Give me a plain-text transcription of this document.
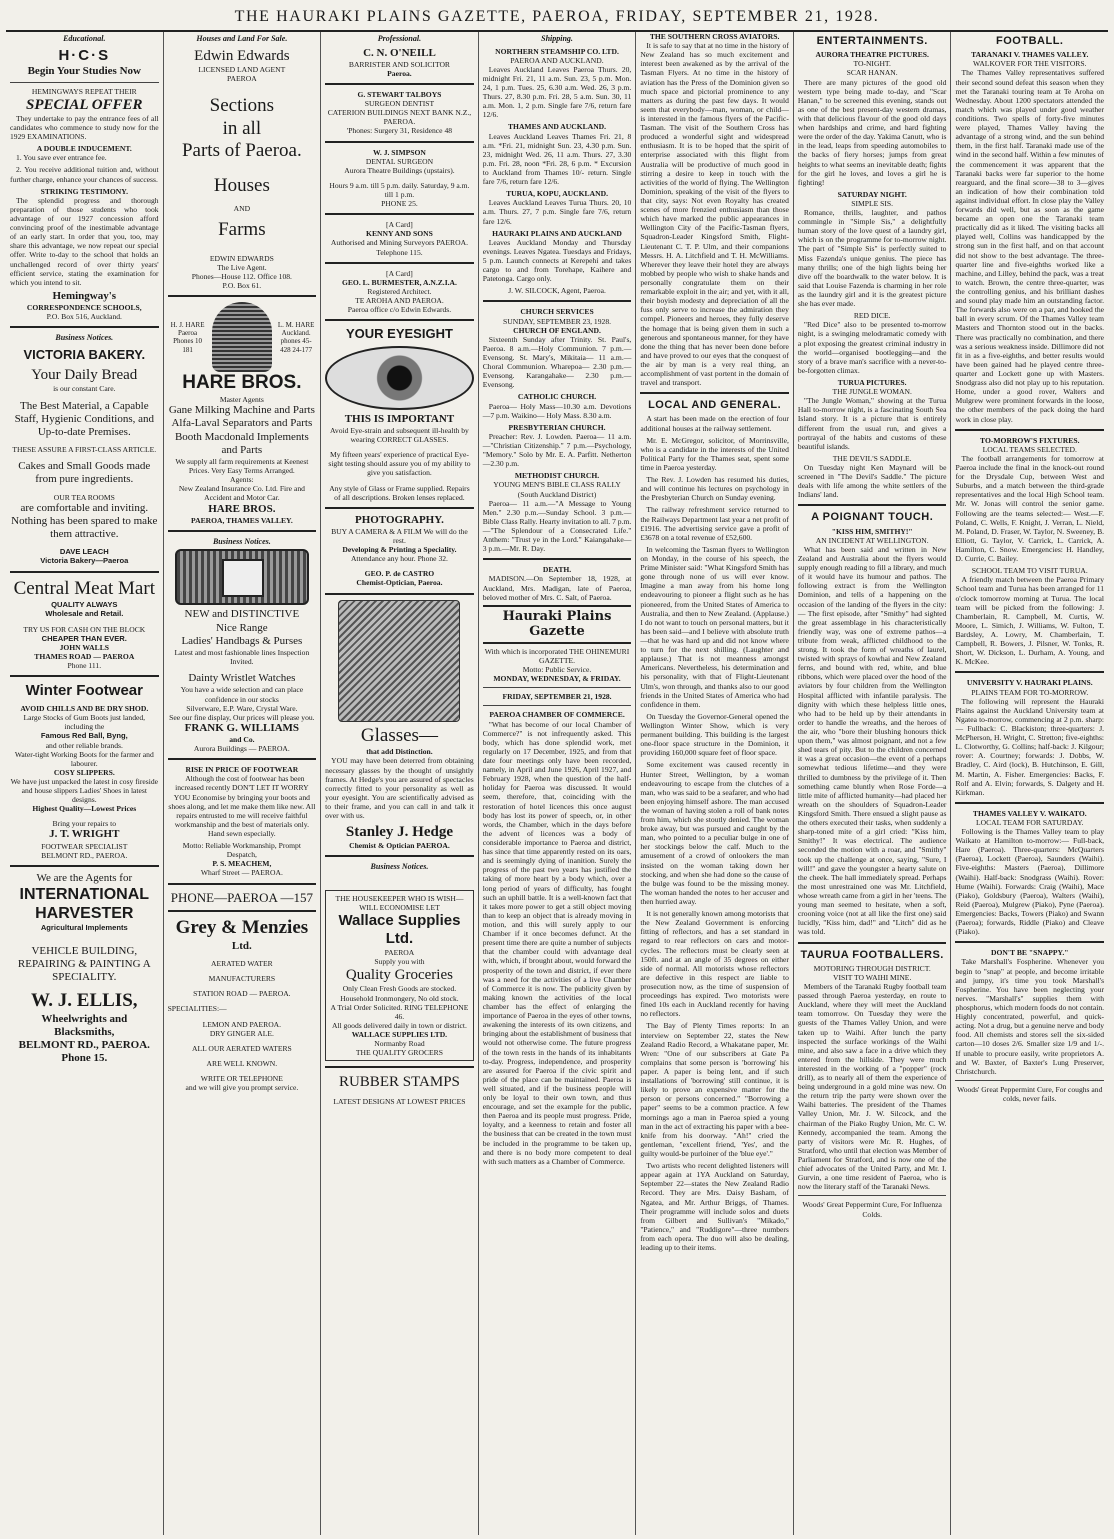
THE HAURAKI PLAINS GAZETTE, PAEROA, FRIDAY, SEPTEMBER 21, 1928.
Educational.
H·C·S
Begin Your Studies Now
HEMINGWAYS REPEAT THEIR
SPECIAL OFFER

They undertake to pay the entrance fees of all candidates who commence to study now for the 1929 EXAMINATIONS.

A DOUBLE INDUCEMENT.

1. You save ever entrance fee.

2. You receive additional tuition and, without further charge, enhance your chances of success.

STRIKING TESTIMONY.

The splendid progress and thorough preparation of those students who took advantage of our 1927 concession afford convincing proof of the inestimable advantage of an early start. In order that you, too, may share this advantage, we now repeat our special offer. Write to-day to the school that holds an unchallenged record of over thirty years' efficient service, stating the examination for which you intend to sit.

Hemingway's
CORRESPONDENCE SCHOOLS,
P.O. Box 516, Auckland.
Business Notices.
VICTORIA BAKERY.
Your Daily Bread
is our constant Care.
The Best Material, a Capable Staff, Hygienic Conditions, and Up-to-date Premises.
THESE ASSURE A FIRST-CLASS ARTICLE.
Cakes and Small Goods made from pure ingredients.
OUR TEA ROOMS
are comfortable and inviting. Nothing has been spared to make them attractive.
DAVE LEACH
Victoria Bakery—Paeroa
Central Meat Mart
QUALITY ALWAYS
Wholesale and Retail.
TRY US FOR CASH ON THE BLOCK
CHEAPER THAN EVER.
JOHN WALLS
THAMES ROAD — PAEROA
Phone 111.
Winter Footwear
AVOID CHILLS AND BE DRY SHOD.
Large Stocks of Gum Boots just landed, including the
Famous Red Ball, Byng,
and other reliable brands.
Water-tight Working Boots for the farmer and labourer.
COSY SLIPPERS.
We have just unpacked the latest in cosy fireside and house slippers Ladies' Shoes in latest designs.
Highest Quality—Lowest Prices
Bring your repairs to
J. T. WRIGHT
FOOTWEAR SPECIALIST
BELMONT RD., PAEROA.
We are the Agents for
INTERNATIONAL
HARVESTER
Agricultural Implements
VEHICLE BUILDING, REPAIRING & PAINTING A SPECIALITY.
W. J. ELLIS,
Wheelwrights and Blacksmiths,
BELMONT RD., PAEROA.
Phone 15.
Houses and Land For Sale.
Edwin Edwards
LICENSED LAND AGENT
PAEROA
Sections
in all
Parts of Paeroa.
Houses
AND
Farms
EDWIN EDWARDS
The Live Agent.
Phones—House 112. Office 108.
P.O. Box 61.
H. J. HARE Paeroa Phones 10 181
L. M. HARE Auckland. phones 45-428 24-177
HARE BROS.
Master Agents
Gane Milking Machine and Parts
Alfa-Laval Separators and Parts
Booth Macdonald Implements and Parts
We supply all farm requirements at Keenest Prices. Very Easy Terms Arranged.
Agents:
New Zealand Insurance Co. Ltd. Fire and Accident and Motor Car.
HARE BROS.
PAEROA, THAMES VALLEY.
Business Notices.
NEW and DISTINCTIVE
Nice Range
Ladies' Handbags & Purses
Latest and most fashionable lines Inspection Invited.
Dainty Wristlet Watches
You have a wide selection and can place confidence in our stocks
Silverware, E.P. Ware, Crystal Ware.
See our fine display, Our prices will please you.
FRANK G. WILLIAMS
and Co.
Aurora Buildings — PAEROA.
RISE IN PRICE OF FOOTWEAR

Although the cost of footwear has been increased recently DON'T LET IT WORRY YOU Economise by bringing your boots and shoes along, and let me make them like new. All repairs entrusted to me will receive faithful workmanship and the best of materials only. Hand sewn especially.

Motto: Reliable Workmanship, Prompt Despatch,
P. S. MEACHEM,
Wharf Street — PAEROA.
PHONE—PAEROA —157
Grey & Menzies
Ltd.
AERATED WATER
MANUFACTURERS
STATION ROAD — PAEROA.
SPECIALITIES:—
LEMON AND PAEROA.
DRY GINGER ALE.
ALL OUR AERATED WATERS
ARE WELL KNOWN.
WRITE OR TELEPHONE
and we will give you prompt service.
Professional.
C. N. O'NEILL
BARRISTER AND SOLICITOR
Paeroa.
G. STEWART TALBOYS
SURGEON DENTIST
CATERION BUILDINGS NEXT BANK N.Z.,
PAEROA.
'Phones: Surgery 31, Residence 48
W. J. SIMPSON
DENTAL SURGEON
Aurora Theatre Buildings (upstairs).
Hours 9 a.m. till 5 p.m. daily. Saturday, 9 a.m. till 1 p.m.
PHONE 25.
[A Card]
KENNY AND SONS
Authorised and Mining Surveyors PAEROA.
Telephone 115.
[A Card]
GEO. L. BURMESTER, A.N.Z.I.A.
Registered Architect.
TE AROHA AND PAEROA.
Paeroa office c/o Edwin Edwards.
YOUR EYESIGHT
THIS IS IMPORTANT
Avoid Eye-strain and subsequent ill-health by wearing CORRECT GLASSES.
My fifteen years' experience of practical Eye-sight testing should assure you of my ability to give you satisfaction.
Any style of Glass or Frame supplied. Repairs of all descriptions. Broken lenses replaced.
PHOTOGRAPHY.
BUY A CAMERA & A FILM We will do the rest.
Developing & Printing a Speciality.
Attendance any hour. Phone 32.
GEO. P. de CASTRO
Chemist-Optician, Paeroa.
Glasses—
that add Distinction.

YOU may have been deterred from obtaining necessary glasses by the thought of unsightly frames. At Hedge's you are assured of spectacles correctly fitted to your personality as well as your eyesight. You are scientifically advised as to their frame, and you can call in and talk it over with us.

Stanley J. Hedge
Chemist & Optician PAEROA.
Business Notices.
THE HOUSEKEEPER WHO IS WISH— WILL ECONOMISE LET
Wallace Supplies Ltd.
PAEROA
Supply you with
Quality Groceries
Only Clean Fresh Goods are stocked.
Household Ironmongery, No old stock.
A Trial Order Solicited. RING TELEPHONE 46.
All goods delivered daily in town or district.
WALLACE SUPPLIES LTD.
Normanby Road
THE QUALITY GROCERS
RUBBER STAMPS
LATEST DESIGNS AT LOWEST PRICES
Shipping.
NORTHERN STEAMSHIP CO. LTD.
PAEROA AND AUCKLAND.

Leaves Auckland Leaves Paeroa Thurs. 20, midnight Fri. 21, 11 a.m. Sun. 23, 5 p.m. Mon. 24, 1 p.m. Tues. 25, 6.30 a.m. Wed. 26, 3 p.m. Thurs. 27, 8.30 p.m. Fri. 28, 5 a.m. Sun. 30, 11 a.m. Mon. 1, 2 p.m. Single fare 7/6, return fare 12/6.

THAMES AND AUCKLAND.

Leaves Auckland Leaves Thames Fri. 21, 8 a.m. *Fri. 21, midnight Sun. 23, 4.30 p.m. Sun. 23, midnight Wed. 26, 11 a.m. Thurs. 27, 3.30 p.m. Fri. 28, noon *Fri. 28, 6 p.m. * Excursion to Auckland from Thames 10/- return. Single fare 7/6, return fare 12/6.

TURUA, KOPU, AUCKLAND.

Leaves Auckland Leaves Turua Thurs. 20, 10 a.m. Thurs. 27, 7 p.m. Single fare 7/6, return fare 12/6.

HAURAKI PLAINS AND AUCKLAND

Leaves Auckland Monday and Thursday evenings. Leaves Ngatea. Tuesdays and Fridays, 5 p.m. Launch connects at Kerepehi and takes cargo to and from Torehape, Kaihere and Patetonga. Cargo only.

J. W. SILCOCK, Agent, Paeroa.
CHURCH SERVICES
SUNDAY, SEPTEMBER 23, 1928.
CHURCH OF ENGLAND.

Sixteenth Sunday after Trinity. St. Paul's, Paeroa. 8 a.m.—Holy Communion. 7 p.m.—Evensong. St. Mary's, Mikitaia— 11 a.m.—Choral Communion. Wharepoa— 2.30 p.m.—Evensong. Karangahake— 2.30 p.m.—Evensong.

CATHOLIC CHURCH.

Paeroa— Holy Mass—10.30 a.m. Devotions—7 p.m. Waikino— Holy Mass. 8.30 a.m.

PRESBYTERIAN CHURCH.

Preacher: Rev. J. Lowden. Paeroa— 11 a.m.—"Christian Citizenship." 7 p.m.—Psychology, "Memory." Solo by Mr. E. A. Parfitt. Netherton—2.30 p.m.

METHODIST CHURCH.
YOUNG MEN'S BIBLE CLASS RALLY (South Auckland District)

Paeroa— 11 a.m.—"A Message to Young Men." 2.30 p.m.—Sunday School. 3 p.m.—Bible Class Rally. Hearty invitation to all. 7 p.m.—"The Splendour of a Consecrated Life." Anthem: "Trust ye in the Lord." Kaiangahake— 3 p.m.—Mr. R. Day.

DEATH.

MADISON.—On September 18, 1928, at Auckland, Mrs. Madigan, late of Paeroa, beloved mother of Mrs. C. Salt, of Paeroa.

Hauraki Plains Gazette
With which is incorporated THE OHINEMURI GAZETTE.
Motto: Public Service.
MONDAY, WEDNESDAY, & FRIDAY.
FRIDAY, SEPTEMBER 21, 1928.
PAEROA CHAMBER OF COMMERCE.

"What has become of our local Chamber of Commerce?" is not infrequently asked. This body, which has done splendid work, met regularly on 17 December, 1925, and from that date four meetings only have been recorded, namely, in April and June 1926, April 1927, and February 1928, when the question of the half-holiday for Paeroa was discussed. It would seem, therefore, that, coinciding with the restoration of hotel licences this once august body has lost its power of speech, or, in other words, the Chamber, which in the days before the advent of licences was a body of considerable importance to Paeroa and district, has since that time apparently rested on its oars, and is seemingly dying of inanition. Surely the progress of the past two years has justified the taking of more heart by a body which, over a long period of years of difficulty, has fought such an uphill battle. It is a well-known fact that it takes more power to get a still object moving than to keep an object that is already moving in motion, and this will surely apply to our Chamber if it once becomes defunct. At the present time there are quite a number of subjects that the chamber could with advantage deal with, which, if brought about, would forward the prosperity of the town and district, if ever there was a need for the activities of a live Chamber of Commerce it is now. The publicity given by making known the activities of the local chamber has the effect of enlarging the importance of Paeroa in the eyes of other towns, awakening the interests of its own citizens, and bringing about the establishment of business that would not otherwise come. The future progress of the town rests in the hands of its inhabitants to-day. Progress, independence, and prosperity are assured for Paeroa if the civic spirit and pride of the place can be maintained. Paeroa is well situated, and if the business people will only be loyal to their own town, and thus encourage, and set the example for the public, then Paeroa and its people must progress. Pride, loyalty, and a keenness to retain and foster all the business that can be created in the town must be included in the programme to be taken up, and there is no body more competent to deal with such matters as a Chamber of Commerce.

THE SOUTHERN CROSS AVIATORS.

It is safe to say that at no time in the history of New Zealand has so much excitement and interest been awakened as by the arrival of the Tasman Flyers. At no time in the history of aviation has the Press of the Dominion given so much space and pictorial prominence to any matters as during the past few days. It would seem that everybody—man, woman, or child—is interested in the famous flyers of the Pacific-Tasman. The visit of the Southern Cross has produced a wonderful sight and widespread enthusiasm. It is to be hoped that the spirit of enterprise associated with this flight from Australia will be productive of much good in stirring a desire to keep in touch with the activities of the world of flying. The Wellington Dominion, speaking of the visit of the flyers to that city, says: Not even Royalty has created scenes of more frenzied enthusiasm than those which have marked the public appearances in Wellington City of the Pacific-Tasman flyers, Squadron-Leader Kingsford Smith, Flight-Lieutenant C. T. P. Ulm, and their companions Messrs. H. A. Litchfield and T. H. McWilliams. Wherever they leave their hotel they are always mobbed by people who wish to shake hands and personally congratulate them on their remarkable exploit in the air; and yet, with it all, their boyish modesty and depreciation of all the fuss only serve to increase the admiration they compel. Pioneers and heroes, they fully deserve the homage that is being given them in such a generous and spontaneous manner, for they have done the thing that has never been done before and have proved to our eyes that the conquest of the air by man is a very real thing, an accomplishment of vast portent in the domain of travel and transport.

LOCAL AND GENERAL.

A start has been made on the erection of four additional houses at the railway settlement.

Mr. E. McGregor, solicitor, of Morrinsville, who is a candidate in the interests of the United Political Party for the Thames seat, spent some time in Paeroa yesterday.

The Rev. J. Lowden has resumed his duties, and will continue his lectures on psychology in the Presbyterian Church on Sunday evening.

The railway refreshment service returned to the Railways Department last year a net profit of £1916. The advertising service gave a profit of £3678 on a total revenue of £52,600.

In welcoming the Tasman flyers to Wellington on Monday, in the course of his speech, the Prime Minister said: "What Kingsford Smith has gone through none of us will ever know. Imagine a man away from his home long endeavouring to pioneer a flight such as he has pioneered, from the United States of America to Australia, and then to New Zealand. (Applause.) I do not want to touch on personal matters, but it has been said—and I believe with absolute truth—that he was hard up and did not know where to turn for the next shilling. (Laughter and applause.) That is not meanness amongst Americans. Nevertheless, his determination and his personality, with that of Flight-Lieutenant Ulm's, won through, and thanks also to our good friends in the United States of America who had confidence in them.

On Tuesday the Governor-General opened the Wellington Winter Show, which is very permanent building. This building is the largest one-floor space structure in the Dominion, it providing 160,000 square feet of floor space.

Some excitement was caused recently in Hunter Street, Wellington, by a woman endeavouring to escape from the clutches of a man, who was said to be a seafarer, and who had been enjoying himself ashore. The man accused the woman of having stolen a roll of bank notes from him, which she stoutly denied. The woman broke away, but was pursued and caught by the man, who pointed to a peculiar bulge in one of her stockings below the calf. Much to the amusement of a crowd of onlookers the man insisted on the woman taking down her stocking, and when she had done so the cause of the bulge was found to be the missing money. The woman handed the notes to her accuser and then hurried away.

It is not generally known among motorists that the New Zealand Government is enforcing fitting of reflectors, and has a set standard in regard to rear reflectors on cars and motor-cycles. The reflectors must be clearly seen at 150ft. and at an angle of 35 degrees on either side of normal. All motorists whose reflectors are defective in this respect are liable to prosecution now, as the time of suspension of proceedings has expired. Two motorists were fined 10s each in Auckland recently for having no reflectors.

The Bay of Plenty Times reports: In an interview on September 22, states the New Zealand Radio Record, a Whakatane paper, Mr. Wren: "One of our subscribers at Gate Pa complains that some person is 'borrowing' his paper. A paper is being lent, and if such installations of 'borrowing' still continue, it is likely to prove an expensive matter for the person or persons concerned." "Borrowing a paper" seems to be a common practice. A few mornings ago a man in Paeroa spied a young man in the act of extracting his paper with a bee-knife from his doorway. "Ah!" cried the gentleman, "excellent friend, 'Yes', and the guilty would-be purloiner of the 'blue eye'."

Two artists who recent delighted listeners will appear again at 1YA Auckland on Saturday, September 22—states the New Zealand Radio Record. They are Mrs. Daisy Basham, of Ngatea, and Mr. Arthur Briggs, of Thames. Their programme will include solos and duets from Gilbert and Sullivan's "Mikado," "Patience," and "Ruddigore"—three numbers from each opera. The duo will also be dealing, leading up to their items.

ENTERTAINMENTS.
AURORA THEATRE PICTURES.
TO-NIGHT.
SCAR HANAN.

There are many pictures of the good old western type being made to-day, and "Scar Hanan," to be screened this evening, stands out as one of the best present-day western dramas, with that delicious flavour of the good old days when hardships and crime, and hard fighting were the order of the day. Yakima Canutt, who is in the lead, leaps from speeding automobiles to the backs of fiery horses; jumps from great heights to what seems an inevitable death; fights for the girl he loves, and loves a girl he is fighting!

SATURDAY NIGHT.
SIMPLE SIS.

Romance, thrills, laughter, and pathos commingle in "Simple Sis," a delightfully human story of the love quest of a laundry girl, which is on the programme for to-morrow night. The part of "Simple Sis" is perfectly suited to Miss Fazenda's unique genius. The piece has many thrills; one of the high lights being her dive off the boardwalk to the water below. It is said that Louise Fazenda is charming in her role as the laundry girl and it is the greatest picture she has ever made.

RED DICE.

"Red Dice" also to be presented to-morrow night, is a swinging melodramatic comedy with a plot exposing the greatest criminal industry in the world—organised bootlegging—and the story of a brave man's sacrifice with a never-to-be-forgotten climax.

TURUA PICTURES.
THE JUNGLE WOMAN.

"The Jungle Woman," showing at the Turua Hall to-morrow night, is a fascinating South Sea Island story. It is a picture that is entirely different from the usual run, and gives a portrayal of the habits and customs of these beautiful islands.

THE DEVIL'S SADDLE.

On Tuesday night Ken Maynard will be screened in "The Devil's Saddle." The picture deals with life among the white settlers of the Indians' land.

A POIGNANT TOUCH.
"KISS HIM, SMITHY!"
AN INCIDENT AT WELLINGTON.

What has been said and written in New Zealand and Australia about the flyers would supply enough reading to fill a library, and much of it would have its humour and pathos. The following extract is from the Wellington Dominion, and tells of a happening on the occasion of the landing of the flyers in the city:— The first episode, after "Smithy" had sighted the great assemblage in his characteristically friendly way, was one of extreme pathos—a tribute from weak, afflicted childhood to the strong. It took the form of wreaths of laurel, twisted with sprays of kowhai and New Zealand ferns, and bound with red, white, and blue ribbons, which were placed over the hood of the aviators by four children from the Wellington Hospital afflicted with infantile paralysis. The dignity with which these helpless little ones, who had to be held up by their attendants in order to handle the wreaths, and the heroes of the air, who "bore their blushing honours thick upon them," was almost poignant, and not a few shed tears of pity. But to the children concerned it was a great occasion—the event of a perhaps somewhat tedious lifetime—and they were thrilled to dumbness by the privilege of it. Then something came bluntly when Rose Forde—a little mite of afflicted humanity—had placed her wreath on the shoulders of Squadron-Leader Kingsford Smith. There ensued a slight pause as the others executed their tasks, when suddenly a sharp-toned mite of a girl cried: "Kiss him, Smithy!" It was electrical. The audience seconded the motion with a roar, and "Smithy" took up the challenge at once, saying, "Sure, I will!" and gave the youngster a hearty salute on the cheek. The hall immediately spread. Perhaps the most unrestrained one was Mr. Litchfield, whose wreath came from a girl in her 'teens. The young man seemed to hesitate, when a soft, crooning voice (not at all like the first one) said lucidly, "Kiss him, dad!" and "Litch" did as he was told.

TAURUA FOOTBALLERS.
MOTORING THROUGH DISTRICT.
VISIT TO WAIHI MINE.

Members of the Taranaki Rugby football team passed through Paeroa yesterday, en route to Auckland, where they will meet the Auckland team tomorrow. On Tuesday they were the guests of the Thames Valley Union, and were taken up to Waihi. After lunch the party inspected the surface workings of the Waihi mine, and also saw a face in a drive which they entered from the hillside. They were much interested in the working of a "popper" (rock drill), as to nearly all of them the experience of being underground in a gold mine was new. On the return trip the party were shown over the Waihi batteries. The president of the Thames Valley Union, Mr. J. W. Silcock, and the chairman of the Piako Rugby Union, Mr. C. W. Kennedy, accompanied the team. Among the party of visitors were Mr. R. Hughes, of Stratford, who until that election was Member of Parliament for Stratford, and is now one of the chief advocates of the United Party, and Mr. I. Gurvin, a one time resident of Paeroa, who is now the literary staff of the Taranaki News.

Woods' Great Peppermint Cure, For Influenza Colds.
FOOTBALL.
TARANAKI V. THAMES VALLEY.
WALKOVER FOR THE VISITORS.

The Thames Valley representatives suffered their second sound defeat this season when they met the Taranaki touring team at Te Aroha on Wednesday. About 1200 spectators attended the match which was played under good weather conditions. Two spells of forty-five minutes were played, Thames Valley having the advantage of a strong wind, and the sun behind them, in the first half. Taranaki made use of the wind in the second half. Within a few minutes of the commencement it was apparent that the Taranaki backs were far superior to the home rearguard, and the final score—38 to 3—gives an indication of how their combination told against individual effort. In close play the Valley forwards did well, but as soon as the game became an open one the Taranaki team practically did as it liked. The visiting backs all played well, Collins was handicapped by the strong sun in the first half, and on that account did not show to the best advantage. The three-quarter line and five-eighths worked like a machine, and Lilley, behind the pack, was a treat to watch. Brown, the centre three-quarter, was the controlling genius, and his brilliant dashes and sound play made him an outstanding factor. The forwards also were on a par, and hooked the ball in every scrum. Of the Thames Valley team Masters and Thornton stood out in the backs. There was practically no combination, and there was a serious weakness inside. Dillimore did not fit in as a five-eighths, and better results would have been gained had he played centre three-quarter and Lockett gone up with Masters. Snodgrass also did not play up to his reputation. Home, under a good rover, Walters and Mulgrew were prominent forwards in the loose, the other members of the pack doing the hard work in close play.

TO-MORROW'S FIXTURES.
LOCAL TEAMS SELECTED.

The football arrangements for tomorrow at Paeroa include the final in the knock-out round for the Drysdale Cup, between West and Suburbs, and a match between the third-grade representatives and the local High School team. Mr. W. Jonas will control the senior game. Following are the teams selected:— West.—F. Poland, C. Wells, F. Knight, J. Verran, L. Nield, M. Poland, D. Fraser, W. Taylor, N. Sweeney, B. Elliott, G. Taylor, V. Carrick, L. Carrick, A. Hamilton, C. Snow. Emergencies: H. Handley, D. Currie, C. Bailey.

SCHOOL TEAM TO VISIT TURUA.

A friendly match between the Paeroa Primary School team and Turua has been arranged for 11 o'clock tomorrow morning at Turua. The local team will be picked from the following: J. Chamberlain, R. Campbell, M. Curtis, W. Moore, L. Simich, J. Williams, W. Fulton, T. Bardsley, A. Lowry, M. Chamberlain, T. Campbell, R. Bowers, J. Pilsner, W. Tonks, R. Short, W. Dickson, L. Durham, A. Young, and K. McKee.

UNIVERSITY V. HAURAKI PLAINS.
PLAINS TEAM FOR TO-MORROW.

The following will represent the Hauraki Plains against the Auckland University team at Ngatea to-morrow, commencing at 2 p.m. sharp:— Fullback: C. Blackiston; three-quarters: J. McPherson, H. Wright, C. Stretton; five-eighths: L. Clotworthy, G. Collins; half-back: J. Kilgour; rover: A. Courtney; forwards: J. Dobbs, W. Bradley, C. Aird (lock), B. Hutchinson, E. Gill, M. Martin, A. Fisher. Emergencies: Backs, F. Rolf and A. Elvin; forwards, S. Dalgety and H. Kirkman.

THAMES VALLEY V. WAIKATO.
LOCAL TEAM FOR SATURDAY.

Following is the Thames Valley team to play Waikato at Hamilton to-morrow:— Full-back, Hare (Paeroa). Three-quarters: McQuarters (Paeroa), Lockett (Paeroa), Saunders (Waihi). Five-eighths: Masters (Paeroa), Dillimore (Waihi). Half-back: Snodgrass (Waihi). Rover: Hume (Waihi). Forwards: Craig (Waihi), Mace (Piako), Goldsbury (Paeroa), Walters (Waihi), Reid (Paeroa), Mulgrew (Piako), Pyne (Paeroa). Emergencies: Backs, Towers (Piako) and Swann (Paeroa); forwards, Riddle (Piako) and Cleave (Piako).

DON'T BE "SNAPPY."

Take Marshall's Fospherine. Whenever you begin to "snap" at people, and become irritable and jumpy, it's time you took Marshall's Fospherine. You have been neglecting your nerves. "Marshall's" supplies them with phosphorus, which modern foods do not contain. Highly concentrated, powerful, and quick-acting. Not a drug, but a genuine nerve and body food. All chemists and stores sell the six-sided carton—10 doses 2/6. Smaller size 1/9 and 1/-. If unable to procure easily, write proprietors A. and W. Baxter, of Baxter's Lung Preserver, Christchurch.

Woods' Great Peppermint Cure, For coughs and colds, never fails.
